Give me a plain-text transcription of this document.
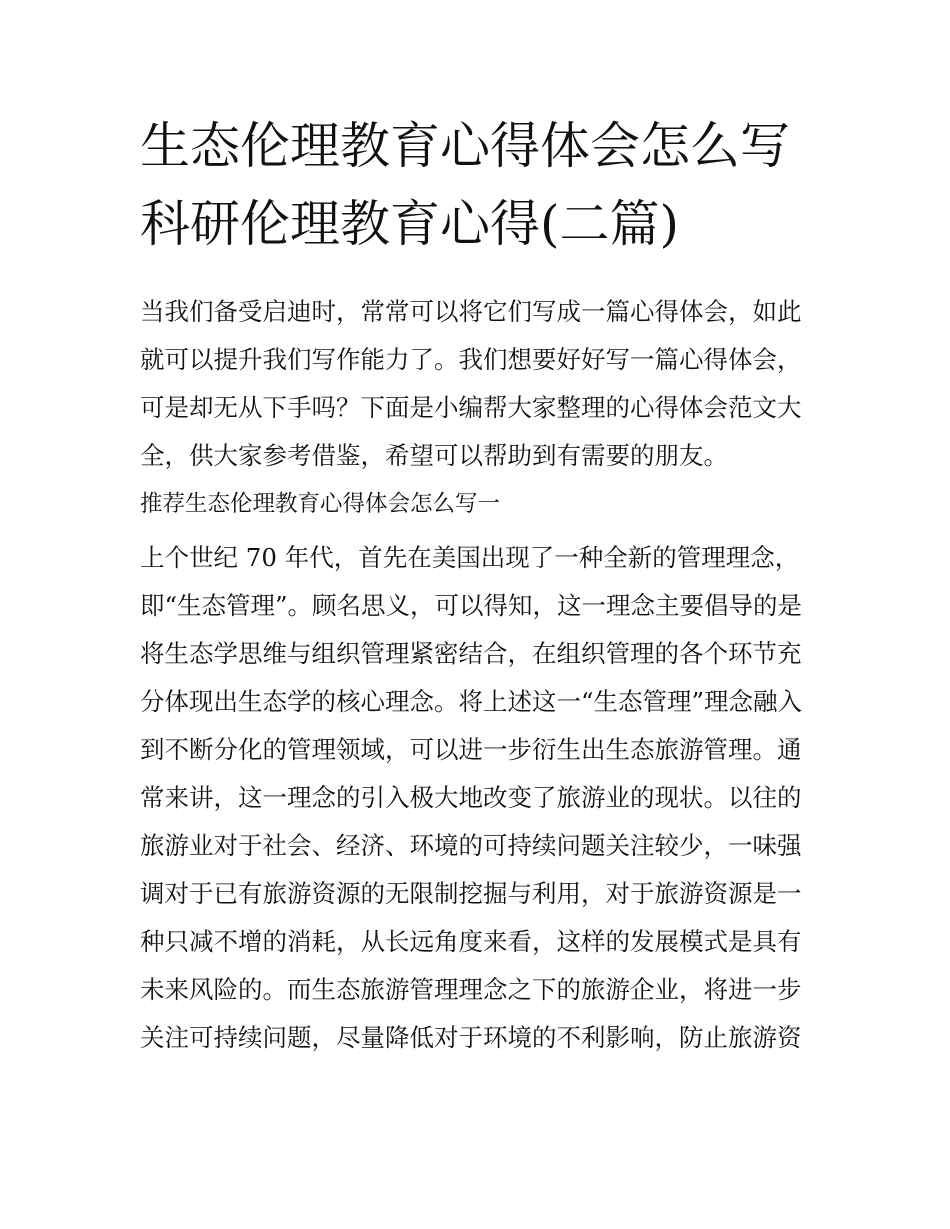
生态伦理教育心得体会怎么写
科研伦理教育心得(二篇)
当我们备受启迪时，常常可以将它们写成一篇心得体会，如此
就可以提升我们写作能力了。我们想要好好写一篇心得体会，
可是却无从下手吗？下面是小编帮大家整理的心得体会范文大
全，供大家参考借鉴，希望可以帮助到有需要的朋友。
推荐生态伦理教育心得体会怎么写一
上个世纪 70 年代，首先在美国出现了一种全新的管理理念，
即“生态管理”。顾名思义，可以得知，这一理念主要倡导的是
将生态学思维与组织管理紧密结合，在组织管理的各个环节充
分体现出生态学的核心理念。将上述这一“生态管理”理念融入
到不断分化的管理领域，可以进一步衍生出生态旅游管理。通
常来讲，这一理念的引入极大地改变了旅游业的现状。以往的
旅游业对于社会、经济、环境的可持续问题关注较少，一味强
调对于已有旅游资源的无限制挖掘与利用，对于旅游资源是一
种只减不增的消耗，从长远角度来看，这样的发展模式是具有
未来风险的。而生态旅游管理理念之下的旅游企业，将进一步
关注可持续问题，尽量降低对于环境的不利影响，防止旅游资
